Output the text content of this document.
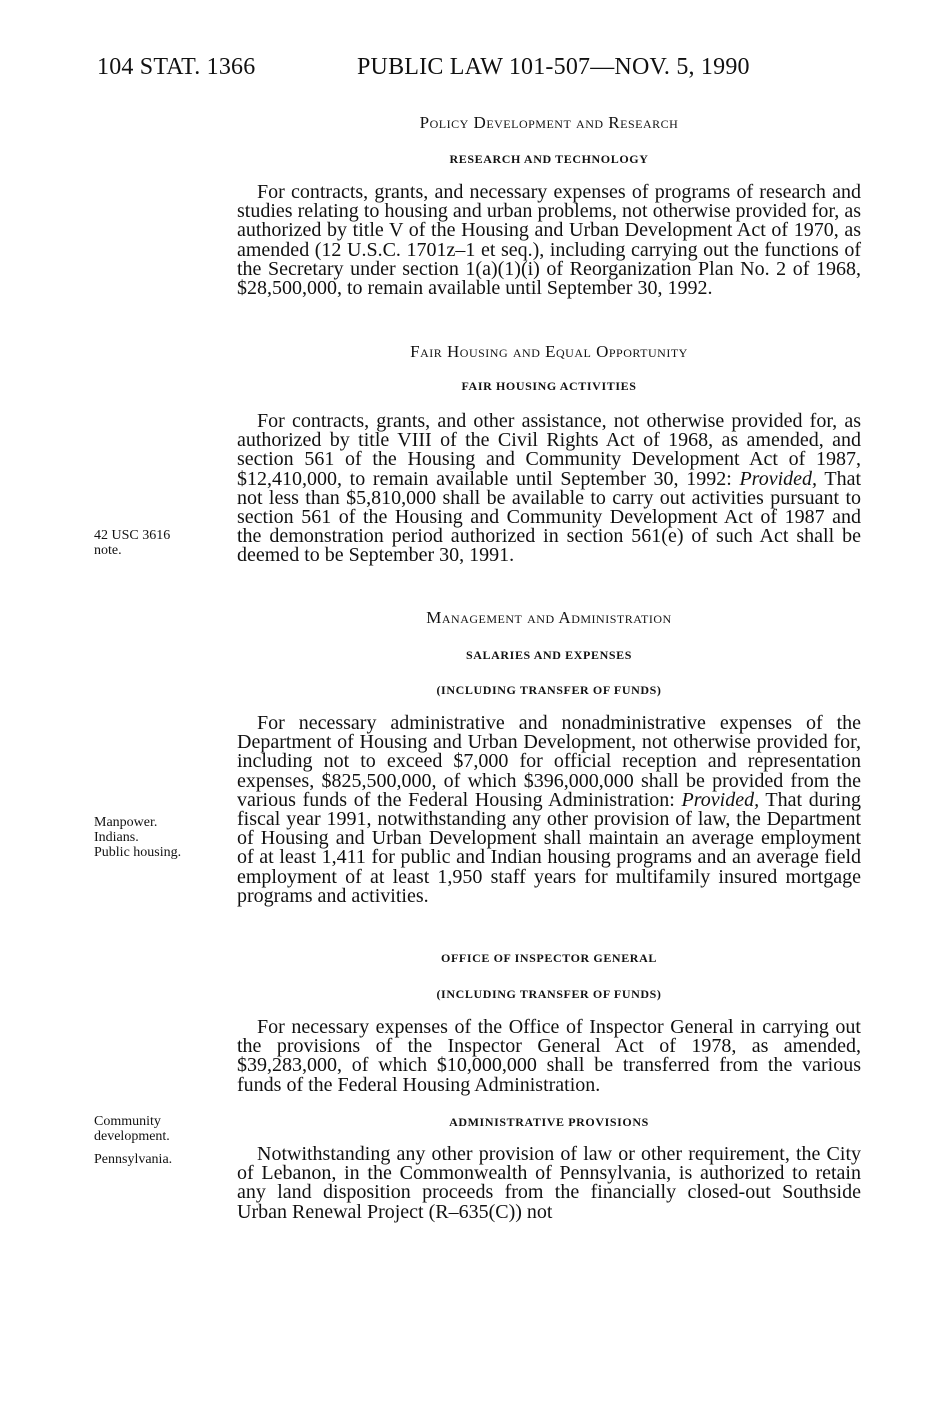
104 STAT. 1366	PUBLIC LAW 101-507—NOV. 5, 1990
Policy Development and Research
RESEARCH AND TECHNOLOGY

For contracts, grants, and necessary expenses of programs of research and studies relating to housing and urban problems, not otherwise provided for, as authorized by title V of the Housing and Urban Development Act of 1970, as amended (12 U.S.C. 1701z–1 et seq.), including carrying out the functions of the Secretary under section 1(a)(1)(i) of Reorganization Plan No. 2 of 1968, $28,500,000, to remain available until September 30, 1992.

Fair Housing and Equal Opportunity
FAIR HOUSING ACTIVITIES

For contracts, grants, and other assistance, not otherwise provided for, as authorized by title VIII of the Civil Rights Act of 1968, as amended, and section 561 of the Housing and Community Development Act of 1987, $12,410,000, to remain available until September 30, 1992: Provided, That not less than $5,810,000 shall be available to carry out activities pursuant to section 561 of the Housing and Community Development Act of 1987 and the demonstration period authorized in section 561(e) of such Act shall be deemed to be September 30, 1991.

Management and Administration
SALARIES AND EXPENSES
(INCLUDING TRANSFER OF FUNDS)

For necessary administrative and nonadministrative expenses of the Department of Housing and Urban Development, not otherwise provided for, including not to exceed $7,000 for official reception and representation expenses, $825,500,000, of which $396,000,000 shall be provided from the various funds of the Federal Housing Administration: Provided, That during fiscal year 1991, notwithstanding any other provision of law, the Department of Housing and Urban Development shall maintain an average employment of at least 1,411 for public and Indian housing programs and an average field employment of at least 1,950 staff years for multifamily insured mortgage programs and activities.

OFFICE OF INSPECTOR GENERAL
(INCLUDING TRANSFER OF FUNDS)

For necessary expenses of the Office of Inspector General in carrying out the provisions of the Inspector General Act of 1978, as amended, $39,283,000, of which $10,000,000 shall be transferred from the various funds of the Federal Housing Administration.

ADMINISTRATIVE PROVISIONS

Notwithstanding any other provision of law or other requirement, the City of Lebanon, in the Commonwealth of Pennsylvania, is authorized to retain any land disposition proceeds from the financially closed-out Southside Urban Renewal Project (R–635(C)) not

42 USC 3616
note.
Manpower.
Indians.
Public housing.
Community
development.
Pennsylvania.
